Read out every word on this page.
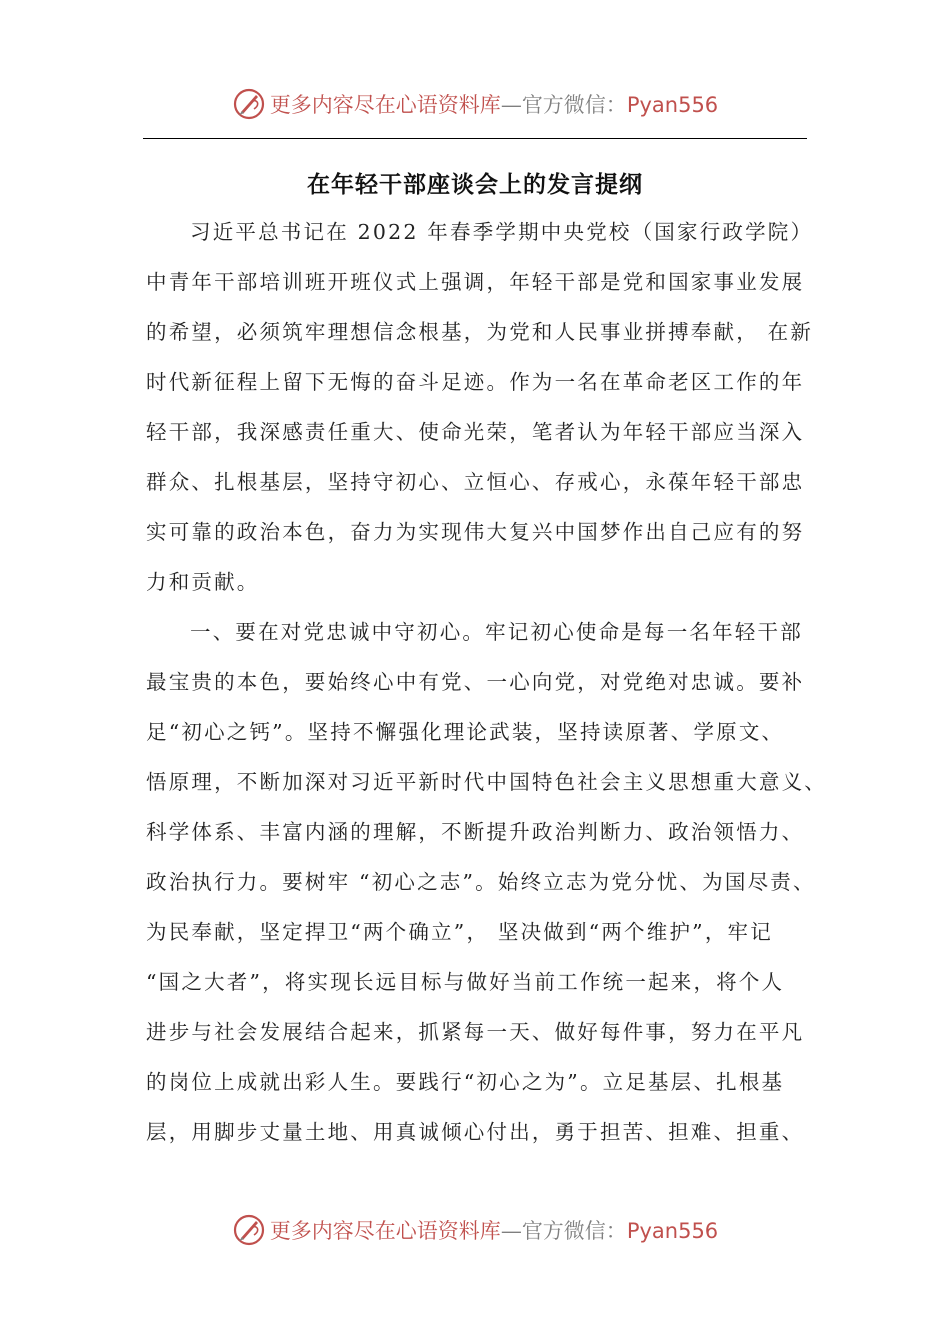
更多内容尽在心语资料库—官方微信：Pyan556
在年轻干部座谈会上的发言提纲
习近平总书记在 2022 年春季学期中央党校（国家行政学院）
中青年干部培训班开班仪式上强调，年轻干部是党和国家事业发展
的希望，必须筑牢理想信念根基，为党和人民事业拼搏奉献， 在新
时代新征程上留下无悔的奋斗足迹。作为一名在革命老区工作的年
轻干部，我深感责任重大、使命光荣，笔者认为年轻干部应当深入
群众、扎根基层，坚持守初心、立恒心、存戒心，永葆年轻干部忠
实可靠的政治本色，奋力为实现伟大复兴中国梦作出自己应有的努
力和贡献。
一、要在对党忠诚中守初心。牢记初心使命是每一名年轻干部
最宝贵的本色，要始终心中有党、一心向党，对党绝对忠诚。要补
足“初心之钙”。坚持不懈强化理论武装，坚持读原著、学原文、
悟原理，不断加深对习近平新时代中国特色社会主义思想重大意义、
科学体系、丰富内涵的理解，不断提升政治判断力、政治领悟力、
政治执行力。要树牢 “初心之志”。始终立志为党分忧、为国尽责、
为民奉献，坚定捍卫“两个确立”， 坚决做到“两个维护”，牢记
“国之大者”，将实现长远目标与做好当前工作统一起来，将个人
进步与社会发展结合起来，抓紧每一天、做好每件事，努力在平凡
的岗位上成就出彩人生。要践行“初心之为”。立足基层、扎根基
层，用脚步丈量土地、用真诚倾心付出，勇于担苦、担难、担重、
更多内容尽在心语资料库—官方微信：Pyan556
